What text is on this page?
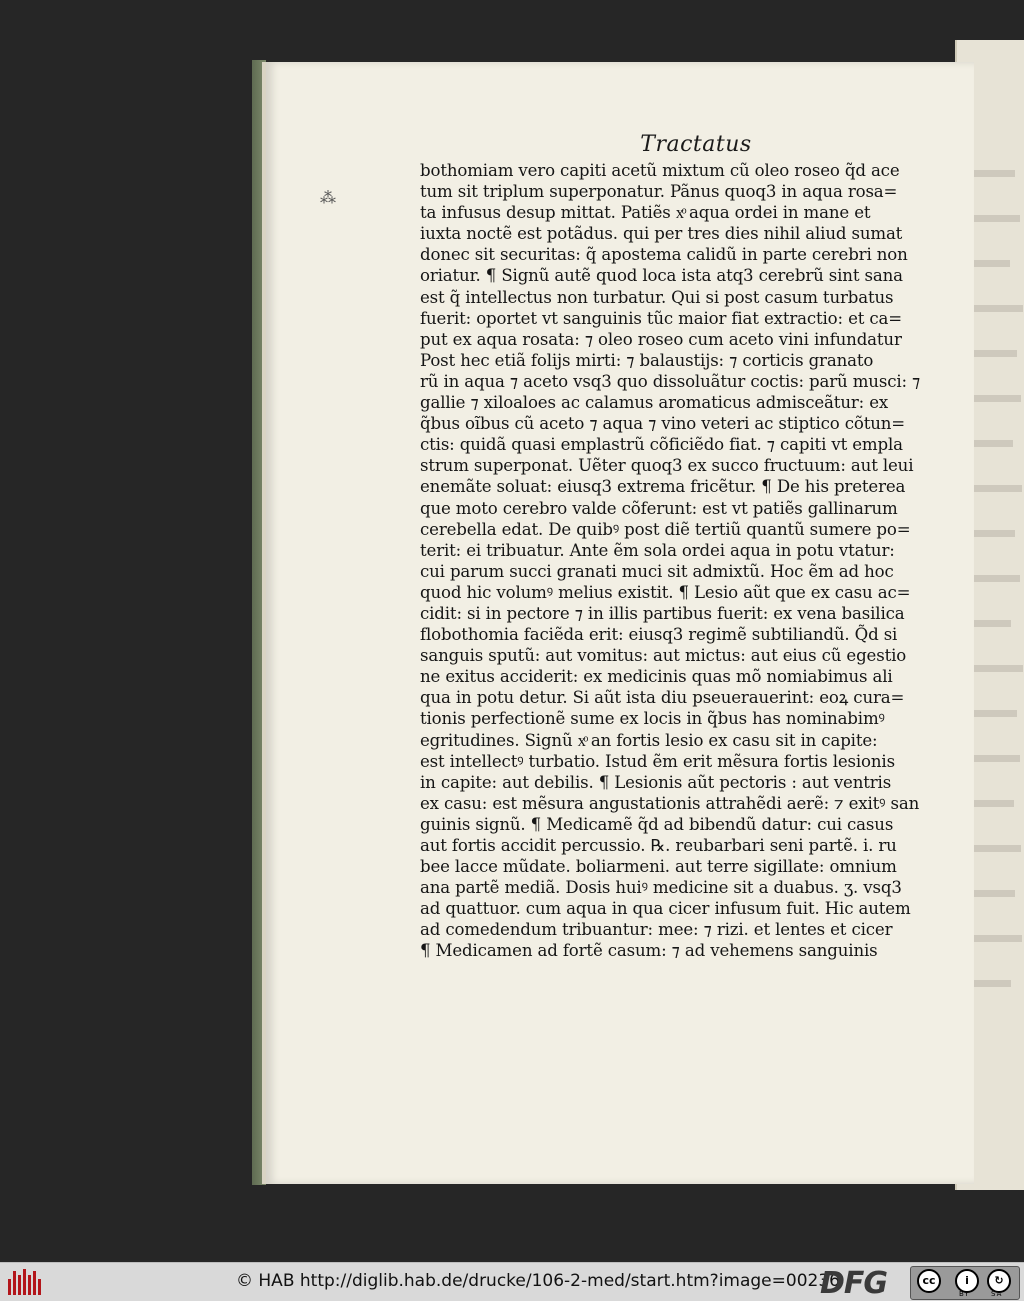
Tractatus
⁂
bothomiam vero capiti acetũ mixtum cũ oleo roseo q̃d ace
tum sit triplum superponatur. Pãnus quoq3 in aqua rosa=
ta infusus desup mittat. Patiẽs xͦ aqua ordei in mane et
iuxta noctẽ est potãdus. qui per tres dies nihil aliud sumat
donec sit securitas: q̃ apostema calidũ in parte cerebri non
oriatur. ¶ Signũ autẽ quod loca ista atq3 cerebrũ sint sana
est q̃ intellectus non turbatur. Qui si post casum turbatus
fuerit: oportet vt sanguinis tũc maior fiat extractio: et ca=
put ex aqua rosata: ⁊ oleo roseo cum aceto vini infundatur
Post hec etiã folijs mirti: ⁊ balaustijs: ⁊ corticis granato
rũ in aqua ⁊ aceto vsq3 quo dissoluãtur coctis: parũ musci: ⁊
gallie ⁊ xiloaloes ac calamus aromaticus admisceãtur: ex
q̃bus oĩbus cũ aceto ⁊ aqua ⁊ vino veteri ac stiptico cõtun=
ctis: quidã quasi emplastrũ cõficiẽdo fiat. ⁊ capiti vt empla
strum superponat. Uẽter quoq3 ex succo fructuum: aut leui
enemãte soluat: eiusq3 extrema fricẽtur. ¶ De his preterea
que moto cerebro valde cõferunt: est vt patiẽs gallinarum
cerebella edat. De quibꝰ post diẽ tertiũ quantũ sumere po=
terit: ei tribuatur. Ante ẽm sola ordei aqua in potu vtatur:
cui parum succi granati muci sit admixtũ. Hoc ẽm ad hoc
quod hic volumꝰ melius existit. ¶ Lesio aũt que ex casu ac=
cidit: si in pectore ⁊ in illis partibus fuerit: ex vena basilica
flobothomia faciẽda erit: eiusq3 regimẽ subtiliandũ. Q̃d si
sanguis sputũ: aut vomitus: aut mictus: aut eius cũ egestio
ne exitus acciderit: ex medicinis quas mõ nomiabimus ali
qua in potu detur. Si aũt ista diu pseuerauerint: eoꝝ cura=
tionis perfectionẽ sume ex locis in q̃bus has nominabimꝰ
egritudines. Signũ xͦ an fortis lesio ex casu sit in capite:
est intellectꝰ turbatio. Istud ẽm erit mẽsura fortis lesionis
in capite: aut debilis. ¶ Lesionis aũt pectoris : aut ventris
ex casu: est mẽsura angustationis attrahẽdi aerẽ: ⁊ exitꝰ san
guinis signũ. ¶ Medicamẽ q̃d ad bibendũ datur: cui casus
aut fortis accidit percussio. ℞. reubarbari seni partẽ. i. ru
bee lacce mũdate. boliarmeni. aut terre sigillate: omnium
ana partẽ mediã. Dosis huiꝰ medicine sit a duabus. ʒ. vsq3
ad quattuor. cum aqua in qua cicer infusum fuit. Hic autem
ad comedendum tribuantur: mee: ⁊ rizi. et lentes et cicer
¶ Medicamen ad fortẽ casum: ⁊ ad vehemens sanguinis
© HAB http://diglib.hab.de/drucke/106-2-med/start.htm?image=00236
DFG	cc	i	↻
BY	SA
